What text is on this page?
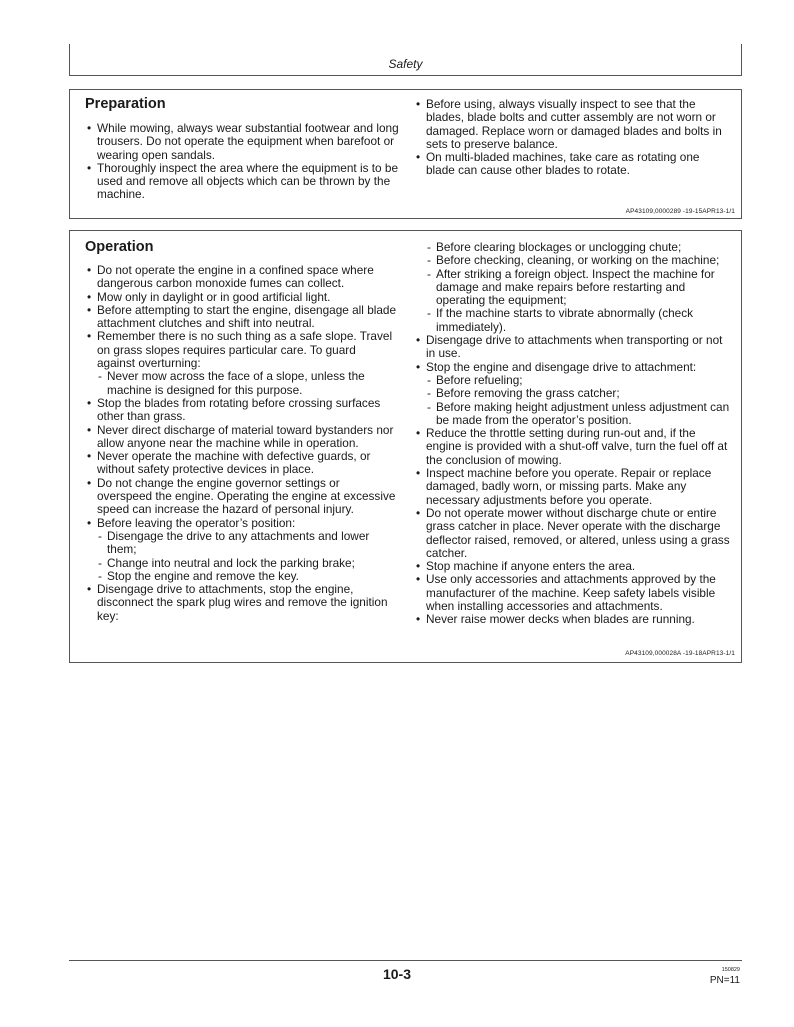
Safety
Preparation
• While mowing, always wear substantial footwear and long trousers. Do not operate the equipment when barefoot or wearing open sandals.
• Thoroughly inspect the area where the equipment is to be used and remove all objects which can be thrown by the machine.
• Before using, always visually inspect to see that the blades, blade bolts and cutter assembly are not worn or damaged. Replace worn or damaged blades and bolts in sets to preserve balance.
• On multi-bladed machines, take care as rotating one blade can cause other blades to rotate.
AP43109,0000289 -19-15APR13-1/1
Operation
• Do not operate the engine in a confined space where dangerous carbon monoxide fumes can collect.
• Mow only in daylight or in good artificial light.
• Before attempting to start the engine, disengage all blade attachment clutches and shift into neutral.
• Remember there is no such thing as a safe slope. Travel on grass slopes requires particular care. To guard against overturning:
- Never mow across the face of a slope, unless the machine is designed for this purpose.
• Stop the blades from rotating before crossing surfaces other than grass.
• Never direct discharge of material toward bystanders nor allow anyone near the machine while in operation.
• Never operate the machine with defective guards, or without safety protective devices in place.
• Do not change the engine governor settings or overspeed the engine. Operating the engine at excessive speed can increase the hazard of personal injury.
• Before leaving the operator’s position:
- Disengage the drive to any attachments and lower them;
- Change into neutral and lock the parking brake;
- Stop the engine and remove the key.
• Disengage drive to attachments, stop the engine, disconnect the spark plug wires and remove the ignition key:
- Before clearing blockages or unclogging chute;
- Before checking, cleaning, or working on the machine;
- After striking a foreign object. Inspect the machine for damage and make repairs before restarting and operating the equipment;
- If the machine starts to vibrate abnormally (check immediately).
• Disengage drive to attachments when transporting or not in use.
• Stop the engine and disengage drive to attachment:
- Before refueling;
- Before removing the grass catcher;
- Before making height adjustment unless adjustment can be made from the operator’s position.
• Reduce the throttle setting during run-out and, if the engine is provided with a shut-off valve, turn the fuel off at the conclusion of mowing.
• Inspect machine before you operate. Repair or replace damaged, badly worn, or missing parts. Make any necessary adjustments before you operate.
• Do not operate mower without discharge chute or entire grass catcher in place. Never operate with the discharge deflector raised, removed, or altered, unless using a grass catcher.
• Stop machine if anyone enters the area.
• Use only accessories and attachments approved by the manufacturer of the machine. Keep safety labels visible when installing accessories and attachments.
• Never raise mower decks when blades are running.
AP43109,000028A -19-18APR13-1/1
10-3	150829
PN=11
